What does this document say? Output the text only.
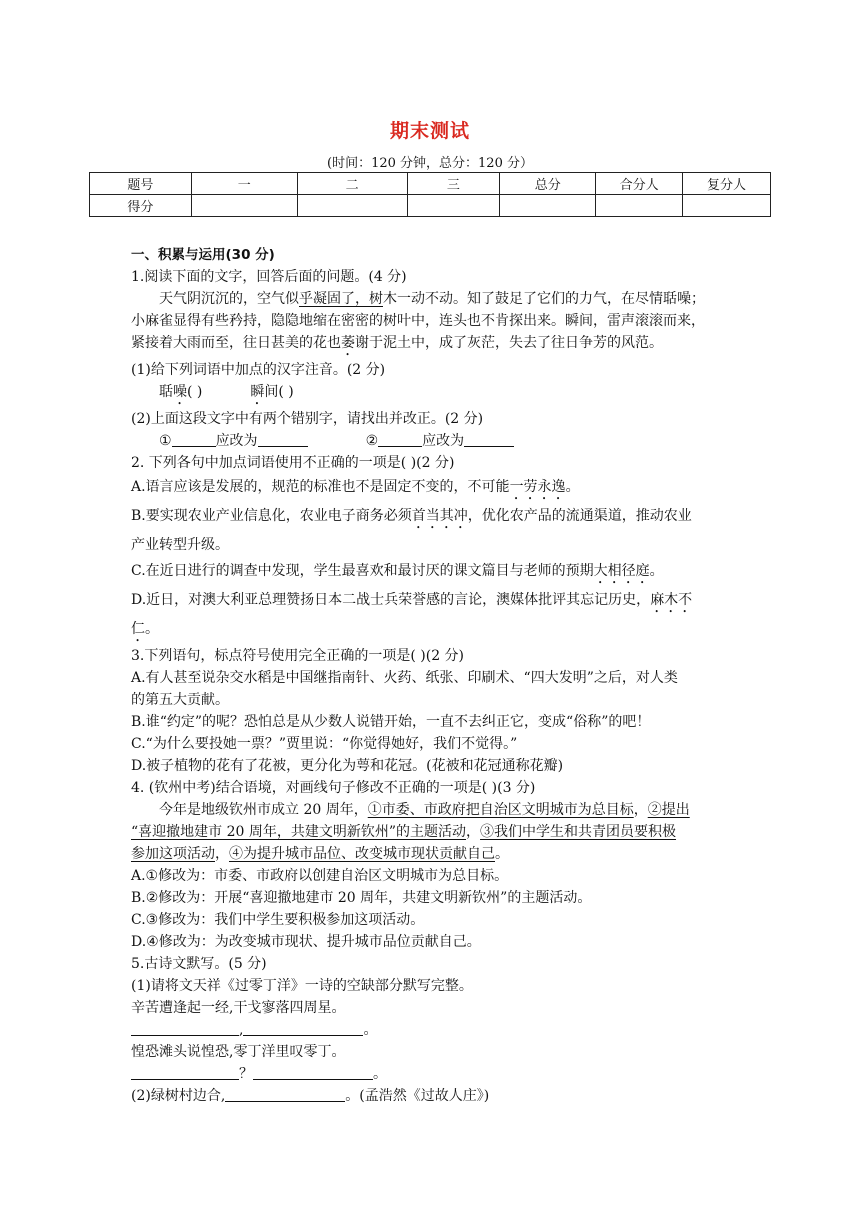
期末测试
(时间：120 分钟，总分：120 分）
题号	一	二	三	总分	合分人	复分人
得分						

一、积累与运用(30 分)

1.阅读下面的文字，回答后面的问题。(4 分)

天气阴沉沉的，空气似乎凝固了，树木一动不动。知了鼓足了它们的力气，在尽情聒噪；

小麻雀显得有些矜持，隐隐地缩在密密的树叶中，连头也不肯探出来。瞬间，雷声滚滚而来，

紧接着大雨而至，往日甚美的花也萎谢于泥土中，成了灰茫，失去了往日争芳的风范。

(1)给下列词语中加点的汉字注音。(2 分)

聒噪( )	瞬间( )

(2)上面这段文字中有两个错别字，请找出并改正。(2 分)

①	应改为	②	应改为

2. 下列各句中加点词语使用不正确的一项是( )(2 分)

A.语言应该是发展的，规范的标准也不是固定不变的，不可能一劳永逸。

B.要实现农业产业信息化，农业电子商务必须首当其冲，优化农产品的流通渠道，推动农业

产业转型升级。

C.在近日进行的调查中发现，学生最喜欢和最讨厌的课文篇目与老师的预期大相径庭。

D.近日，对澳大利亚总理赞扬日本二战士兵荣誉感的言论，澳媒体批评其忘记历史，麻木不

仁。

3.下列语句，标点符号使用完全正确的一项是( )(2 分)

A.有人甚至说杂交水稻是中国继指南针、火药、纸张、印刷术、“四大发明”之后，对人类

的第五大贡献。

B.谁“约定”的呢？恐怕总是从少数人说错开始，一直不去纠正它，变成“俗称”的吧！

C.“为什么要投她一票？”贾里说：“你觉得她好，我们不觉得。”

D.被子植物的花有了花被，更分化为萼和花冠。(花被和花冠通称花瓣)

4. (钦州中考)结合语境，对画线句子修改不正确的一项是( )(3 分)

今年是地级钦州市成立 20 周年，①市委、市政府把自治区文明城市为总目标，②提出

“喜迎撤地建市 20 周年，共建文明新钦州”的主题活动，③我们中学生和共青团员要积极

参加这项活动，④为提升城市品位、改变城市现状贡献自己。

A.①修改为：市委、市政府以创建自治区文明城市为总目标。

B.②修改为：开展“喜迎撤地建市 20 周年，共建文明新钦州”的主题活动。

C.③修改为：我们中学生要积极参加这项活动。

D.④修改为：为改变城市现状、提升城市品位贡献自己。

5.古诗文默写。(5 分)

(1)请将文天祥《过零丁洋》一诗的空缺部分默写完整。

辛苦遭逢起一经,干戈寥落四周星。

,	。

惶恐滩头说惶恐,零丁洋里叹零丁。

？	。

(2)绿树村边合,	。(孟浩然《过故人庄》)
